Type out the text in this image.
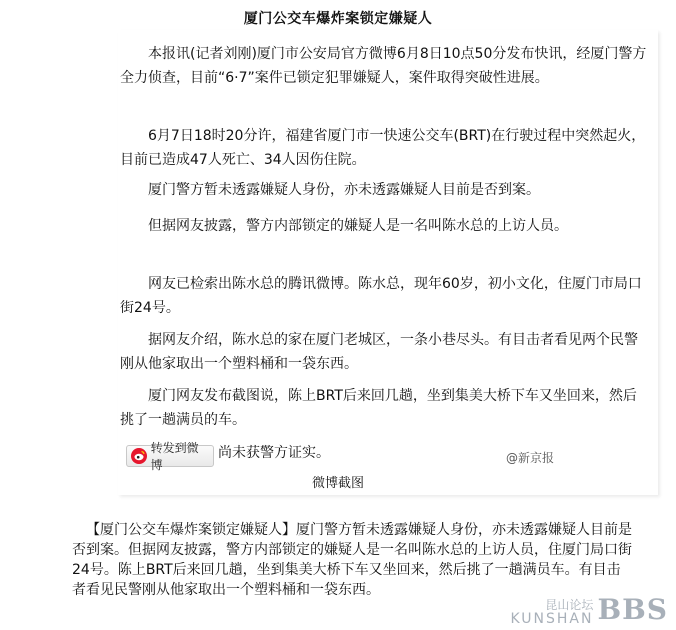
厦门公交车爆炸案锁定嫌疑人

本报讯(记者刘刚)厦门市公安局官方微博6月8日10点50分发布快讯，经厦门警方全力侦查，目前“6·7”案件已锁定犯罪嫌疑人，案件取得突破性进展。

6月7日18时20分许，福建省厦门市一快速公交车(BRT)在行驶过程中突然起火，目前已造成47人死亡、34人因伤住院。

厦门警方暂未透露嫌疑人身份，亦未透露嫌疑人目前是否到案。

但据网友披露，警方内部锁定的嫌疑人是一名叫陈水总的上访人员。

网友已检索出陈水总的腾讯微博。陈水总，现年60岁，初小文化，住厦门市局口街24号。

据网友介绍，陈水总的家在厦门老城区，一条小巷尽头。有目击者看见两个民警刚从他家取出一个塑料桶和一袋东西。

厦门网友发布截图说，陈上BRT后来回几趟，坐到集美大桥下车又坐回来，然后挑了一趟满员的车。

转发到微博
尚未获警方证实。	@新京报
微博截图

【厦门公交车爆炸案锁定嫌疑人】厦门警方暂未透露嫌疑人身份，亦未透露嫌疑人目前是否到案。但据网友披露，警方内部锁定的嫌疑人是一名叫陈水总的上访人员，住厦门局口街24号。陈上BRT后来回几趟，坐到集美大桥下车又坐回来，然后挑了一趟满员车。有目击者看见民警刚从他家取出一个塑料桶和一袋东西。

昆山论坛
KUNSHAN BBS
